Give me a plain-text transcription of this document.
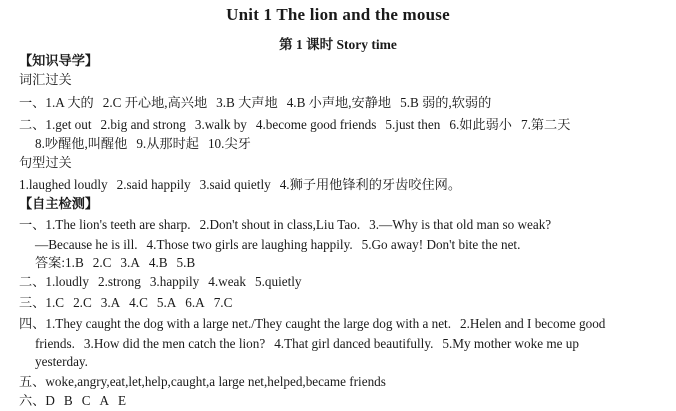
Unit 1 The lion and the mouse
第 1 课时 Story time
【知识导学】
词汇过关
一、1.A 大的 2.C 开心地,高兴地 3.B 大声地 4.B 小声地,安静地 5.B 弱的,软弱的
二、1.get out 2.big and strong 3.walk by 4.become good friends 5.just then 6.如此弱小 7.第二天
8.吵醒他,叫醒他 9.从那时起 10.尖牙
句型过关
1.laughed loudly 2.said happily 3.said quietly 4.狮子用他锋利的牙齿咬住网。
【自主检测】
一、1.The lion's teeth are sharp. 2.Don't shout in class,Liu Tao. 3.—Why is that old man so weak?
—Because he is ill. 4.Those two girls are laughing happily. 5.Go away! Don't bite the net.
答案:1.B 2.C 3.A 4.B 5.B
二、1.loudly 2.strong 3.happily 4.weak 5.quietly
三、1.C 2.C 3.A 4.C 5.A 6.A 7.C
四、1.They caught the dog with a large net./They caught the large dog with a net. 2.Helen and I become good
friends. 3.How did the men catch the lion? 4.That girl danced beautifully. 5.My mother woke me up
yesterday.
五、woke,angry,eat,let,help,caught,a large net,helped,became friends
六、D B C A E
